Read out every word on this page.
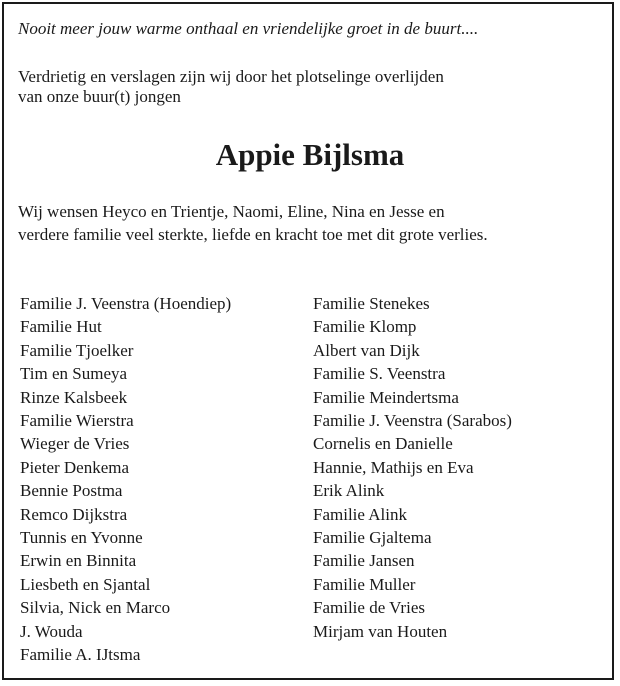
Nooit meer jouw warme onthaal en vriendelijke groet in de buurt....
Verdrietig en verslagen zijn wij door het plotselinge overlijden
van onze buur(t) jongen
Appie Bijlsma
Wij wensen Heyco en Trientje, Naomi, Eline, Nina en Jesse en
verdere familie veel sterkte, liefde en kracht toe met dit grote verlies.
Familie J. Veenstra (Hoendiep)
Familie Hut
Familie Tjoelker
Tim en Sumeya
Rinze Kalsbeek
Familie Wierstra
Wieger de Vries
Pieter Denkema
Bennie Postma
Remco Dijkstra
Tunnis en Yvonne
Erwin en Binnita
Liesbeth en Sjantal
Silvia, Nick en Marco
J. Wouda
Familie A. IJtsma
Familie Stenekes
Familie Klomp
Albert van Dijk
Familie S. Veenstra
Familie Meindertsma
Familie J. Veenstra (Sarabos)
Cornelis en Danielle
Hannie, Mathijs en Eva
Erik Alink
Familie Alink
Familie Gjaltema
Familie Jansen
Familie Muller
Familie de Vries
Mirjam van Houten
